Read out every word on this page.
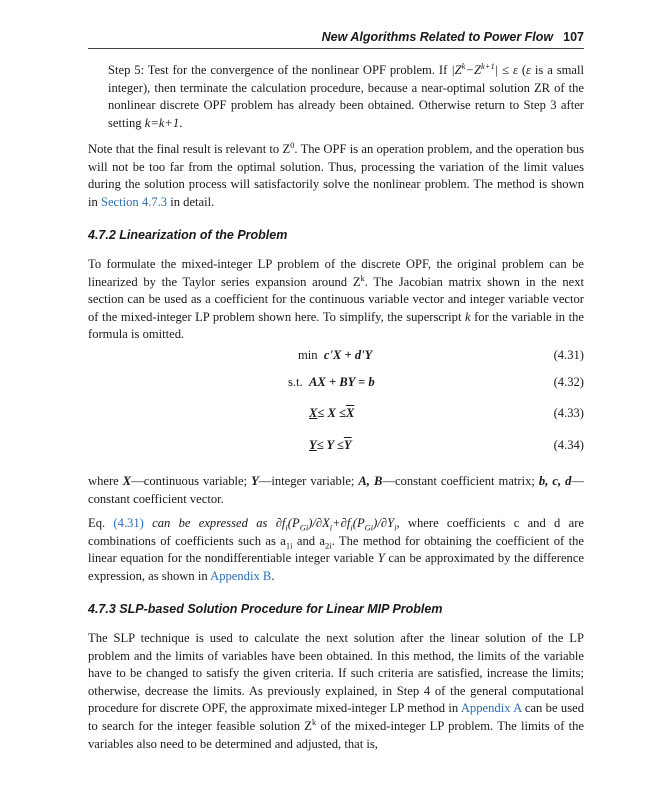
New Algorithms Related to Power Flow 107
Step 5: Test for the convergence of the nonlinear OPF problem. If $|Z^k-Z^{k+1}| \le \varepsilon$ (ε is a small integer), then terminate the calculation procedure, because a near-optimal solution ZR of the nonlinear discrete OPF problem has already been obtained. Otherwise return to Step 3 after setting k=k+1.
Note that the final result is relevant to $Z^0$. The OPF is an operation problem, and the operation bus will not be too far from the optimal solution. Thus, processing the variation of the limit values during the solution process will satisfactorily solve the nonlinear problem. The method is shown in Section 4.7.3 in detail.
4.7.2 Linearization of the Problem
To formulate the mixed-integer LP problem of the discrete OPF, the original problem can be linearized by the Taylor series expansion around $Z^k$. The Jacobian matrix shown in the next section can be used as a coefficient for the continuous variable vector and integer variable vector of the mixed-integer LP problem shown here. To simplify, the superscript k for the variable in the formula is omitted.
min c'X + d'Y	(4.31)
s.t. AX + BY = b	(4.32)
$X\le X \le\overline{X}$	(4.33)
$Y\le Y \le\overline{Y}$	(4.34)
where X—continuous variable; Y—integer variable; A, B—constant coefficient matrix; b, c, d—constant coefficient vector.
Eq. (4.31) can be expressed as $\partial f_i(P_{Gi})/\partial X_i+\partial f_i(P_{Gi})/\partial Y_i$, where coefficients c and d are combinations of coefficients such as $a_{1i}$ and $a_{2i}$. The method for obtaining the coefficient of the linear equation for the nondifferentiable integer variable Y can be approximated by the difference expression, as shown in Appendix B.
4.7.3 SLP-based Solution Procedure for Linear MIP Problem
The SLP technique is used to calculate the next solution after the linear solution of the LP problem and the limits of variables have been obtained. In this method, the limits of the variable have to be changed to satisfy the given criteria. If such criteria are satisfied, increase the limits; otherwise, decrease the limits. As previously explained, in Step 4 of the general computational procedure for discrete OPF, the approximate mixed-integer LP method in Appendix A can be used to search for the integer feasible solution $Z^k$ of the mixed-integer LP problem. The limits of the variables also need to be determined and adjusted, that is,
